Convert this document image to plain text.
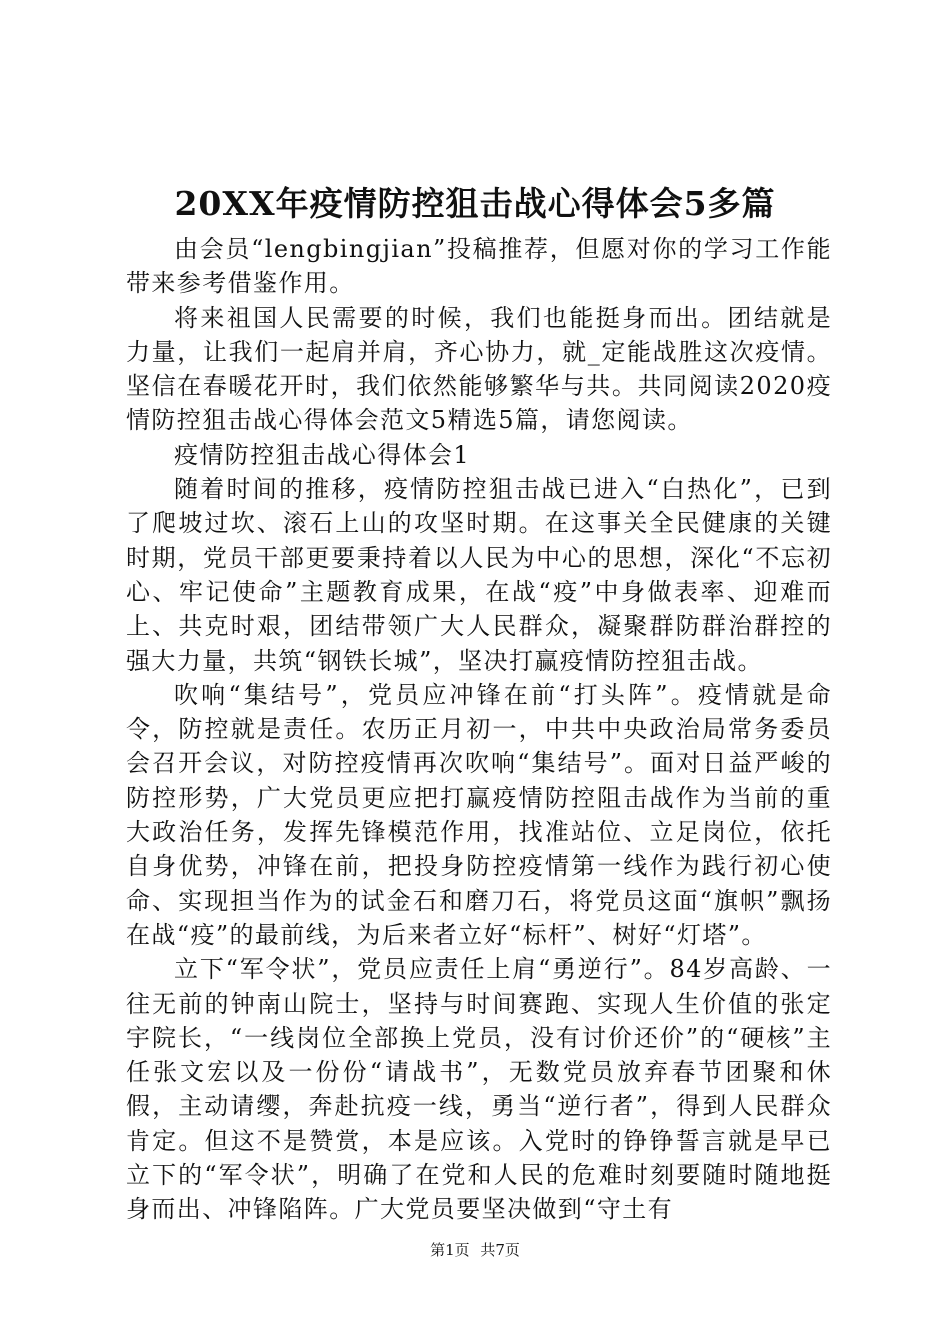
20XX年疫情防控狙击战心得体会5多篇

由会员“lengbingjian”投稿推荐，但愿对你的学习工作能带来参考借鉴作用。

将来祖国人民需要的时候，我们也能挺身而出。团结就是力量，让我们一起肩并肩，齐心协力，就_定能战胜这次疫情。坚信在春暖花开时，我们依然能够繁华与共。共同阅读2020疫情防控狙击战心得体会范文5精选5篇，请您阅读。

疫情防控狙击战心得体会1

随着时间的推移，疫情防控狙击战已进入“白热化”，已到了爬坡过坎、滚石上山的攻坚时期。在这事关全民健康的关键时期，党员干部更要秉持着以人民为中心的思想，深化“不忘初心、牢记使命”主题教育成果，在战“疫”中身做表率、迎难而上、共克时艰，团结带领广大人民群众，凝聚群防群治群控的强大力量，共筑“钢铁长城”，坚决打赢疫情防控狙击战。

吹响“集结号”，党员应冲锋在前“打头阵”。疫情就是命令，防控就是责任。农历正月初一，中共中央政治局常务委员会召开会议，对防控疫情再次吹响“集结号”。面对日益严峻的防控形势，广大党员更应把打赢疫情防控阻击战作为当前的重大政治任务，发挥先锋模范作用，找准站位、立足岗位，依托自身优势，冲锋在前，把投身防控疫情第一线作为践行初心使命、实现担当作为的试金石和磨刀石，将党员这面“旗帜”飘扬在战“疫”的最前线，为后来者立好“标杆”、树好“灯塔”。

立下“军令状”，党员应责任上肩“勇逆行”。84岁高龄、一往无前的钟南山院士，坚持与时间赛跑、实现人生价值的张定宇院长，“一线岗位全部换上党员，没有讨价还价”的“硬核”主任张文宏以及一份份“请战书”，无数党员放弃春节团聚和休假，主动请缨，奔赴抗疫一线，勇当“逆行者”，得到人民群众肯定。但这不是赞赏，本是应该。入党时的铮铮誓言就是早已立下的“军令状”，明确了在党和人民的危难时刻要随时随地挺身而出、冲锋陷阵。广大党员要坚决做到“守土有

第1页 共7页
